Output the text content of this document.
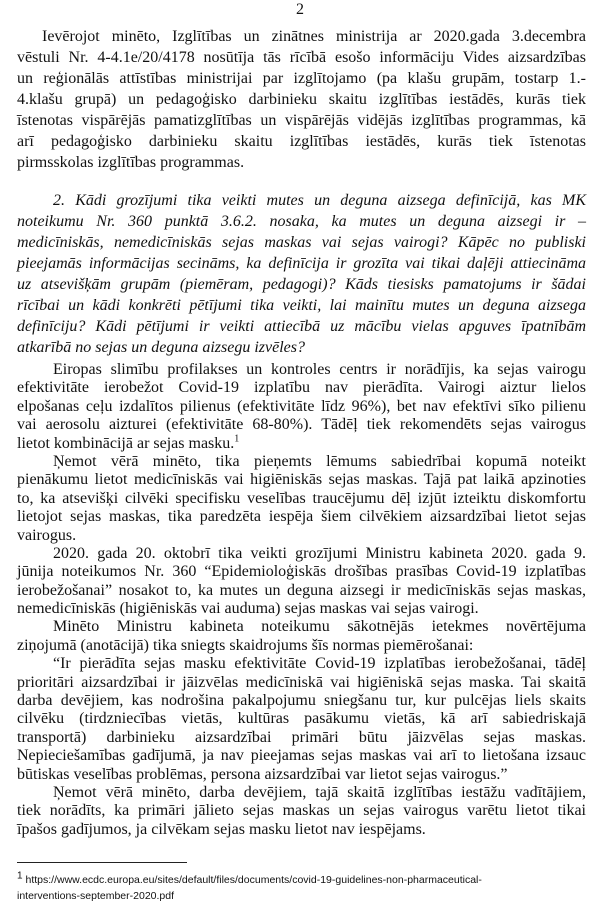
2
Ievērojot minēto, Izglītības un zinātnes ministrija ar 2020.gada 3.decembra
vēstuli Nr. 4-4.1e/20/4178 nosūtīja tās rīcībā esošo informāciju Vides aizsardzības
un reģionālās attīstības ministrijai par izglītojamo (pa klašu grupām, tostarp 1.-
4.klašu grupā) un pedagoģisko darbinieku skaitu izglītības iestādēs, kurās tiek
īstenotas vispārējās pamatizglītības un vispārējās vidējās izglītības programmas, kā
arī pedagoģisko darbinieku skaitu izglītības iestādēs, kurās tiek īstenotas
pirmsskolas izglītības programmas.
2. Kādi grozījumi tika veikti mutes un deguna aizsega definīcijā, kas MK
noteikumu Nr. 360 punktā 3.6.2. nosaka, ka mutes un deguna aizsegi ir –
medicīniskās, nemedicīniskās sejas maskas vai sejas vairogi? Kāpēc no publiski
pieejamās informācijas secināms, ka definīcija ir grozīta vai tikai daļēji attiecināma
uz atsevišķām grupām (piemēram, pedagogi)? Kāds tiesisks pamatojums ir šādai
rīcībai un kādi konkrēti pētījumi tika veikti, lai mainītu mutes un deguna aizsega
definīciju? Kādi pētījumi ir veikti attiecībā uz mācību vielas apguves īpatnībām
atkarībā no sejas un deguna aizsegu izvēles?
Eiropas slimību profilakses un kontroles centrs ir norādījis, ka sejas vairogu
efektivitāte ierobežot Covid-19 izplatību nav pierādīta. Vairogi aiztur lielos
elpošanas ceļu izdalītos pilienus (efektivitāte līdz 96%), bet nav efektīvi sīko pilienu
vai aerosolu aizturei (efektivitāte 68-80%). Tādēļ tiek rekomendēts sejas vairogus
lietot kombinācijā ar sejas masku.$^1$
Ņemot vērā minēto, tika pieņemts lēmums sabiedrībai kopumā noteikt
pienākumu lietot medicīniskās vai higiēniskās sejas maskas. Tajā pat laikā apzinoties
to, ka atsevišķi cilvēki specifisku veselības traucējumu dēļ izjūt izteiktu diskomfortu
lietojot sejas maskas, tika paredzēta iespēja šiem cilvēkiem aizsardzībai lietot sejas
vairogus.
2020. gada 20. oktobrī tika veikti grozījumi Ministru kabineta 2020. gada 9.
jūnija noteikumos Nr. 360 “Epidemioloģiskās drošības prasības Covid-19 izplatības
ierobežošanai” nosakot to, ka mutes un deguna aizsegi ir medicīniskās sejas maskas,
nemedicīniskās (higiēniskās vai auduma) sejas maskas vai sejas vairogi.
Minēto Ministru kabineta noteikumu sākotnējās ietekmes novērtējuma
ziņojumā (anotācijā) tika sniegts skaidrojums šīs normas piemērošanai:
“Ir pierādīta sejas masku efektivitāte Covid-19 izplatības ierobežošanai, tādēļ
prioritāri aizsardzībai ir jāizvēlas medicīniskā vai higiēniskā sejas maska. Tai skaitā
darba devējiem, kas nodrošina pakalpojumu sniegšanu tur, kur pulcējas liels skaits
cilvēku (tirdzniecības vietās, kultūras pasākumu vietās, kā arī sabiedriskajā
transportā) darbinieku aizsardzībai primāri būtu jāizvēlas sejas maskas.
Nepieciešamības gadījumā, ja nav pieejamas sejas maskas vai arī to lietošana izsauc
būtiskas veselības problēmas, persona aizsardzībai var lietot sejas vairogus.”
Ņemot vērā minēto, darba devējiem, tajā skaitā izglītības iestāžu vadītājiem,
tiek norādīts, ka primāri jālieto sejas maskas un sejas vairogus varētu lietot tikai
īpašos gadījumos, ja cilvēkam sejas masku lietot nav iespējams.
$^1$ https://www.ecdc.europa.eu/sites/default/files/documents/covid-19-guidelines-non-pharmaceutical-
interventions-september-2020.pdf
